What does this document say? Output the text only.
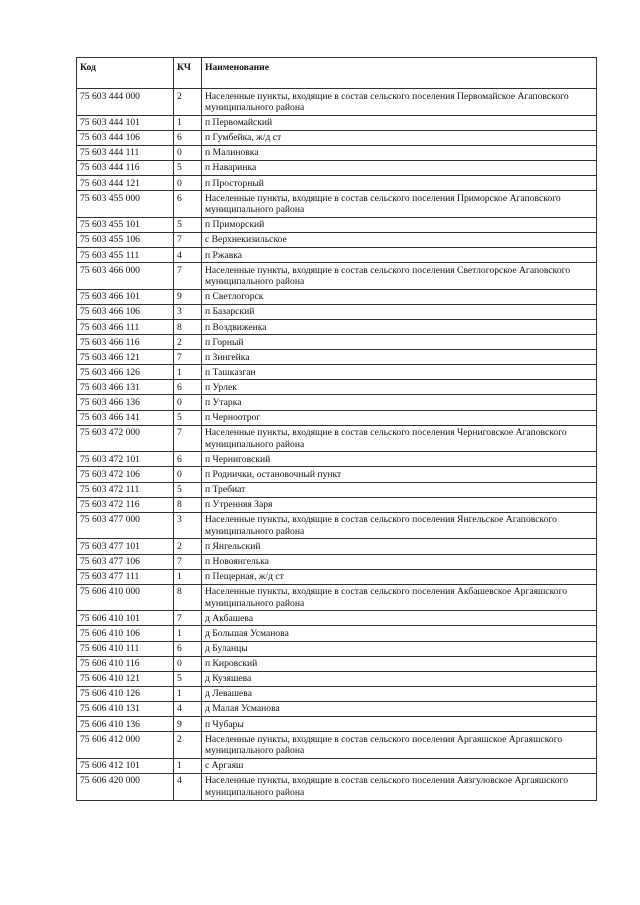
Код	КЧ	Наименование
75 603 444 000	2	Населенные пункты, входящие в состав сельского поселения Первомайское Агаповского муниципального района
75 603 444 101	1	п Первомайский
75 603 444 106	6	п Гумбейка, ж/д ст
75 603 444 111	0	п Малиновка
75 603 444 116	5	п Наваринка
75 603 444 121	0	п Просторный
75 603 455 000	6	Населенные пункты, входящие в состав сельского поселения Приморское Агаповского муниципального района
75 603 455 101	5	п Приморский
75 603 455 106	7	с Верхнекизильское
75 603 455 111	4	п Ржавка
75 603 466 000	7	Населенные пункты, входящие в состав сельского поселения Светлогорское Агаповского муниципального района
75 603 466 101	9	п Светлогорск
75 603 466 106	3	п Базарский
75 603 466 111	8	п Воздвиженка
75 603 466 116	2	п Горный
75 603 466 121	7	п Зингейка
75 603 466 126	1	п Ташказган
75 603 466 131	6	п Урлек
75 603 466 136	0	п Утарка
75 603 466 141	5	п Черноотрог
75 603 472 000	7	Населенные пункты, входящие в состав сельского поселения Черниговское Агаповского муниципального района
75 603 472 101	6	п Черниговский
75 603 472 106	0	п Роднички, остановочный пункт
75 603 472 111	5	п Требиат
75 603 472 116	8	п Утренняя Заря
75 603 477 000	3	Населенные пункты, входящие в состав сельского поселения Янгельское Агаповского муниципального района
75 603 477 101	2	п Янгельский
75 603 477 106	7	п Новоянгелька
75 603 477 111	1	п Пещерная, ж/д ст
75 606 410 000	8	Населенные пункты, входящие в состав сельского поселения Акбашевское Аргаяшского муниципального района
75 606 410 101	7	д Акбашева
75 606 410 106	1	д Большая Усманова
75 606 410 111	6	д Буланцы
75 606 410 116	0	п Кировский
75 606 410 121	5	д Кузяшева
75 606 410 126	1	д Левашева
75 606 410 131	4	д Малая Усманова
75 606 410 136	9	п Чубары
75 606 412 000	2	Населенные пункты, входящие в состав сельского поселения Аргаяшское Аргаяшского муниципального района
75 606 412 101	1	с Аргаяш
75 606 420 000	4	Населенные пункты, входящие в состав сельского поселения Аязгуловское Аргаяшского муниципального района
